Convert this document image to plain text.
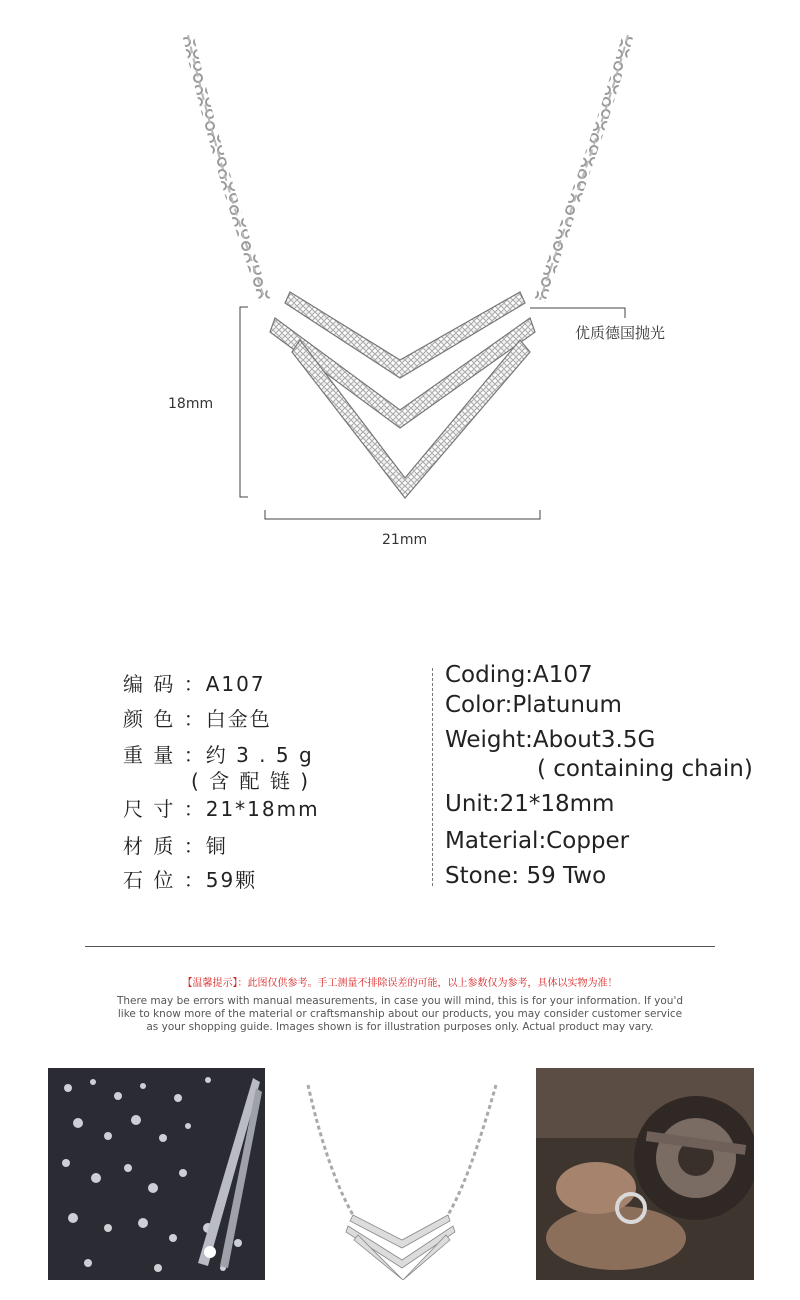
18mm
21mm
优质德国抛光
编 码 ：A107
颜 色 ：白金色
重 量 ：约 3 . 5 g
( 含 配 链 )
尺 寸 ：21*18mm
材 质 ：铜
石 位 ：59颗
Coding:A107
Color:Platunum
Weight:About3.5G
( containing chain)
Unit:21*18mm
Material:Copper
Stone: 59 Two
【温馨提示】：此图仅供参考。手工测量不排除误差的可能，以上参数仅为参考，具体以实物为准！
There may be errors with manual measurements, in case you will mind, this is for your information. If you'd
like to know more of the material or craftsmanship about our products, you may consider customer service
as your shopping guide. Images shown is for illustration purposes only. Actual product may vary.
